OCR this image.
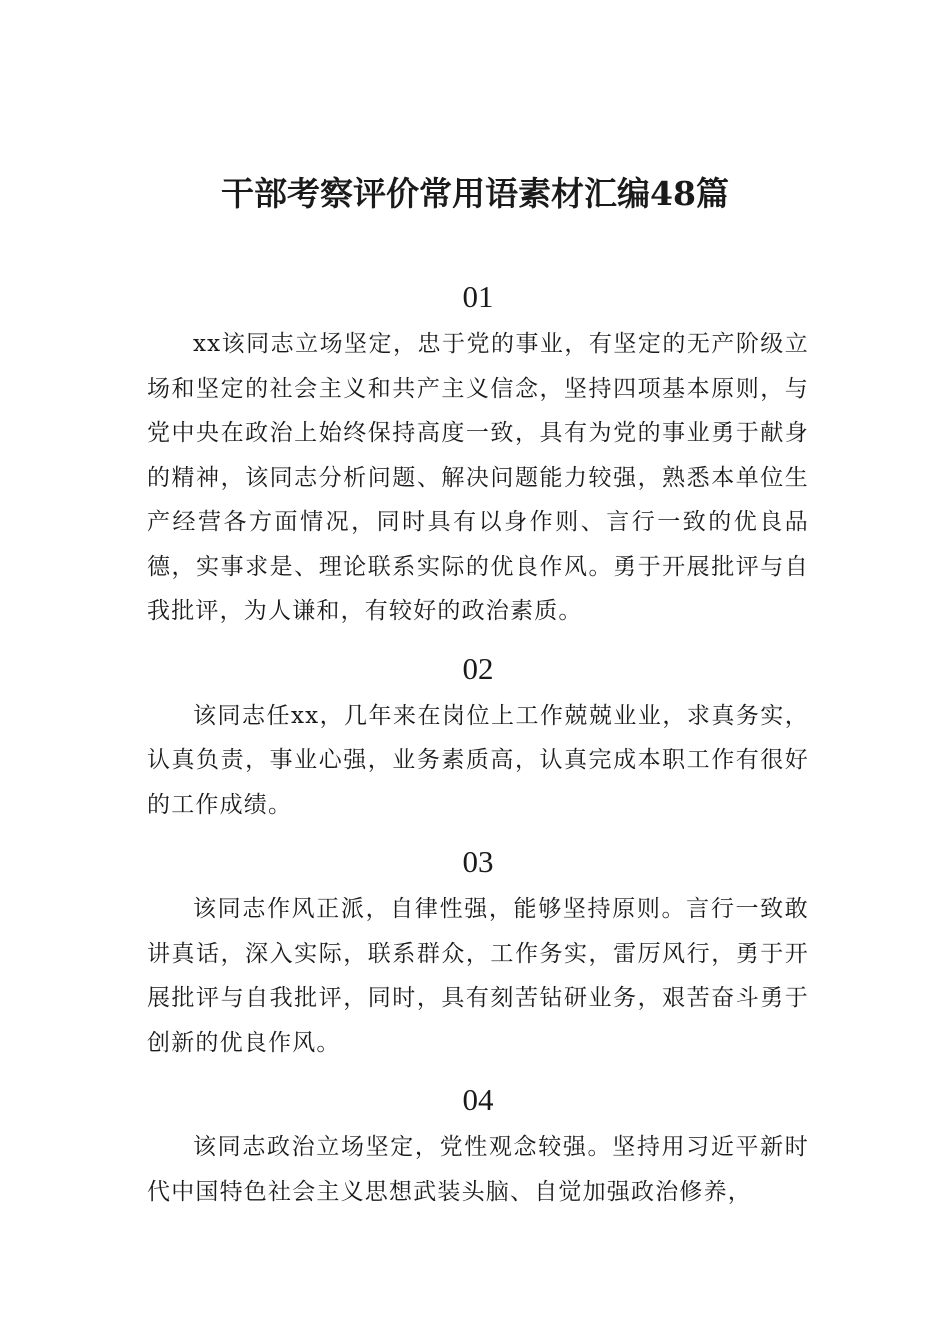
干部考察评价常用语素材汇编48篇

01

xx该同志立场坚定，忠于党的事业，有坚定的无产阶级立场和坚定的社会主义和共产主义信念，坚持四项基本原则，与党中央在政治上始终保持高度一致，具有为党的事业勇于献身的精神，该同志分析问题、解决问题能力较强，熟悉本单位生产经营各方面情况，同时具有以身作则、言行一致的优良品德，实事求是、理论联系实际的优良作风。勇于开展批评与自我批评，为人谦和，有较好的政治素质。

02

该同志任xx，几年来在岗位上工作兢兢业业，求真务实，认真负责，事业心强，业务素质高，认真完成本职工作有很好的工作成绩。

03

该同志作风正派，自律性强，能够坚持原则。言行一致敢讲真话，深入实际，联系群众，工作务实，雷厉风行，勇于开展批评与自我批评，同时，具有刻苦钻研业务，艰苦奋斗勇于创新的优良作风。

04

该同志政治立场坚定，党性观念较强。坚持用习近平新时代中国特色社会主义思想武装头脑、自觉加强政治修养，
